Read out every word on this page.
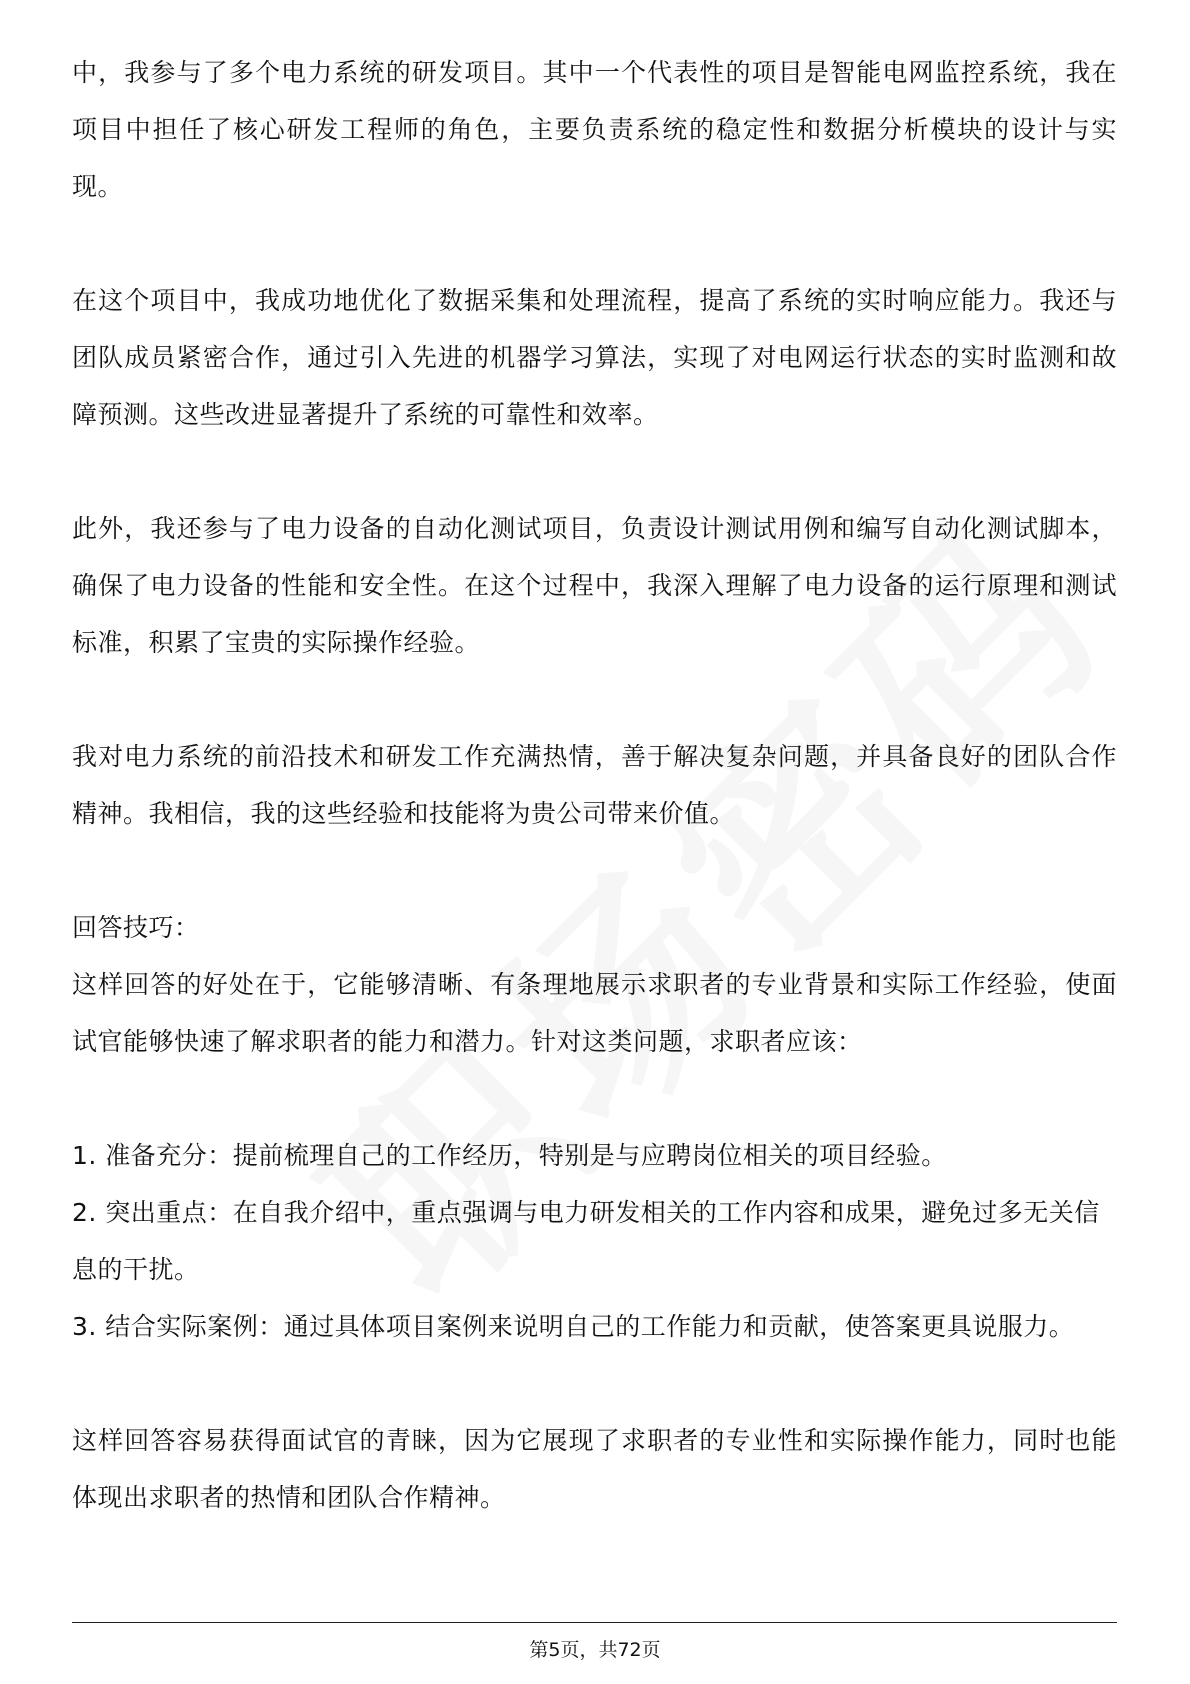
中，我参与了多个电力系统的研发项目。其中一个代表性的项目是智能电网监控系统，我在项目中担任了核心研发工程师的角色，主要负责系统的稳定性和数据分析模块的设计与实现。

在这个项目中，我成功地优化了数据采集和处理流程，提高了系统的实时响应能力。我还与团队成员紧密合作，通过引入先进的机器学习算法，实现了对电网运行状态的实时监测和故障预测。这些改进显著提升了系统的可靠性和效率。

此外，我还参与了电力设备的自动化测试项目，负责设计测试用例和编写自动化测试脚本，确保了电力设备的性能和安全性。在这个过程中，我深入理解了电力设备的运行原理和测试标准，积累了宝贵的实际操作经验。

我对电力系统的前沿技术和研发工作充满热情，善于解决复杂问题，并具备良好的团队合作精神。我相信，我的这些经验和技能将为贵公司带来价值。

回答技巧：

这样回答的好处在于，它能够清晰、有条理地展示求职者的专业背景和实际工作经验，使面试官能够快速了解求职者的能力和潜力。针对这类问题，求职者应该：

1. 准备充分：提前梳理自己的工作经历，特别是与应聘岗位相关的项目经验。

2. 突出重点：在自我介绍中，重点强调与电力研发相关的工作内容和成果，避免过多无关信息的干扰。

3. 结合实际案例：通过具体项目案例来说明自己的工作能力和贡献，使答案更具说服力。

这样回答容易获得面试官的青睐，因为它展现了求职者的专业性和实际操作能力，同时也能体现出求职者的热情和团队合作精神。

第5页，共72页
